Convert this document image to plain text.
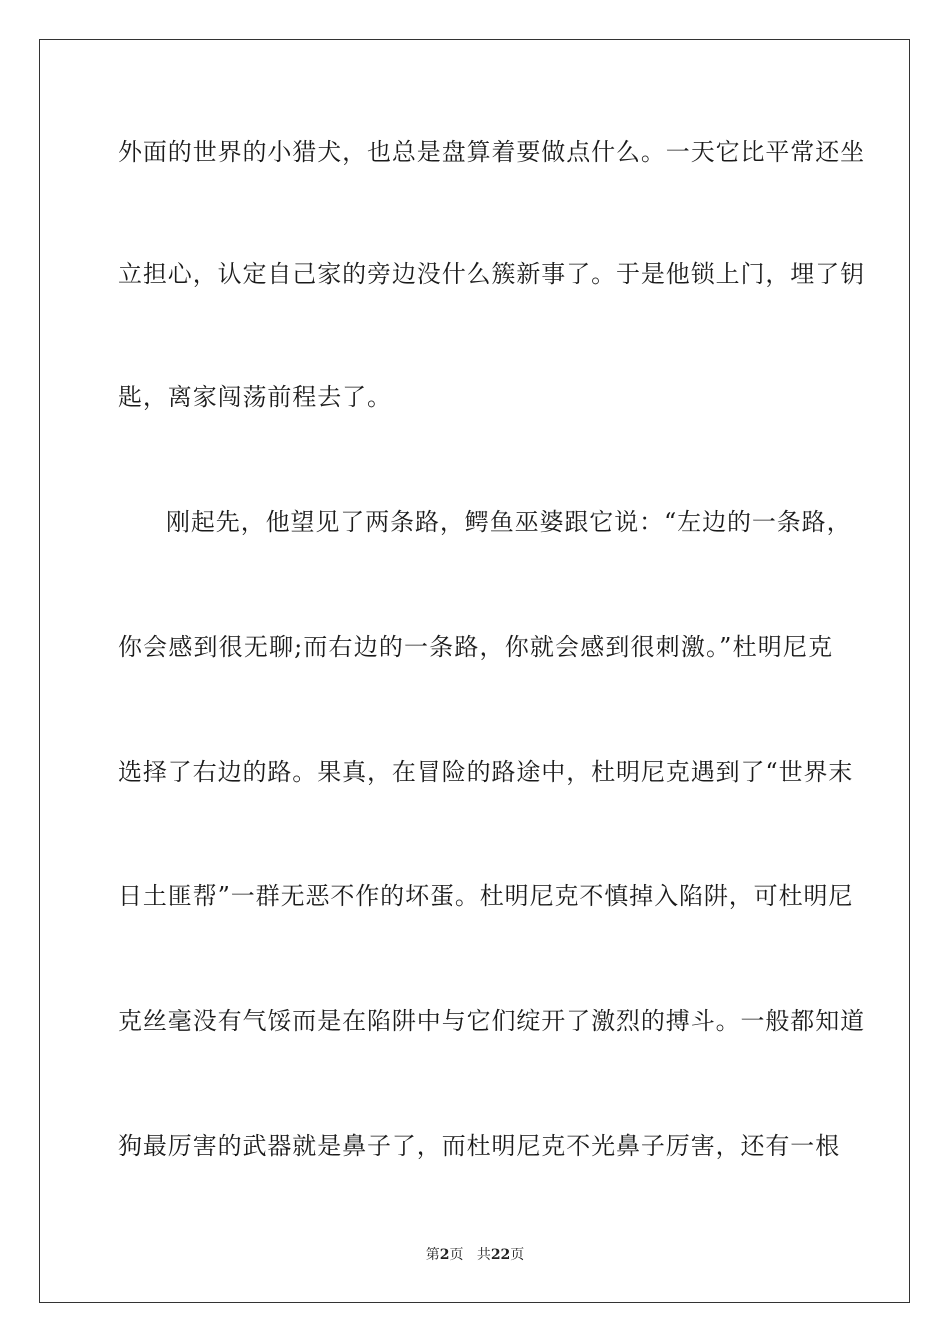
外面的世界的小猎犬，也总是盘算着要做点什么。一天它比平常还坐
立担心，认定自己家的旁边没什么簇新事了。于是他锁上门，埋了钥
匙，离家闯荡前程去了。
刚起先，他望见了两条路，鳄鱼巫婆跟它说：“左边的一条路，
你会感到很无聊;而右边的一条路，你就会感到很刺激。”杜明尼克
选择了右边的路。果真，在冒险的路途中，杜明尼克遇到了“世界末
日土匪帮”一群无恶不作的坏蛋。杜明尼克不慎掉入陷阱，可杜明尼
克丝毫没有气馁而是在陷阱中与它们绽开了激烈的搏斗。一般都知道
狗最厉害的武器就是鼻子了，而杜明尼克不光鼻子厉害，还有一根
第2页 共22页
